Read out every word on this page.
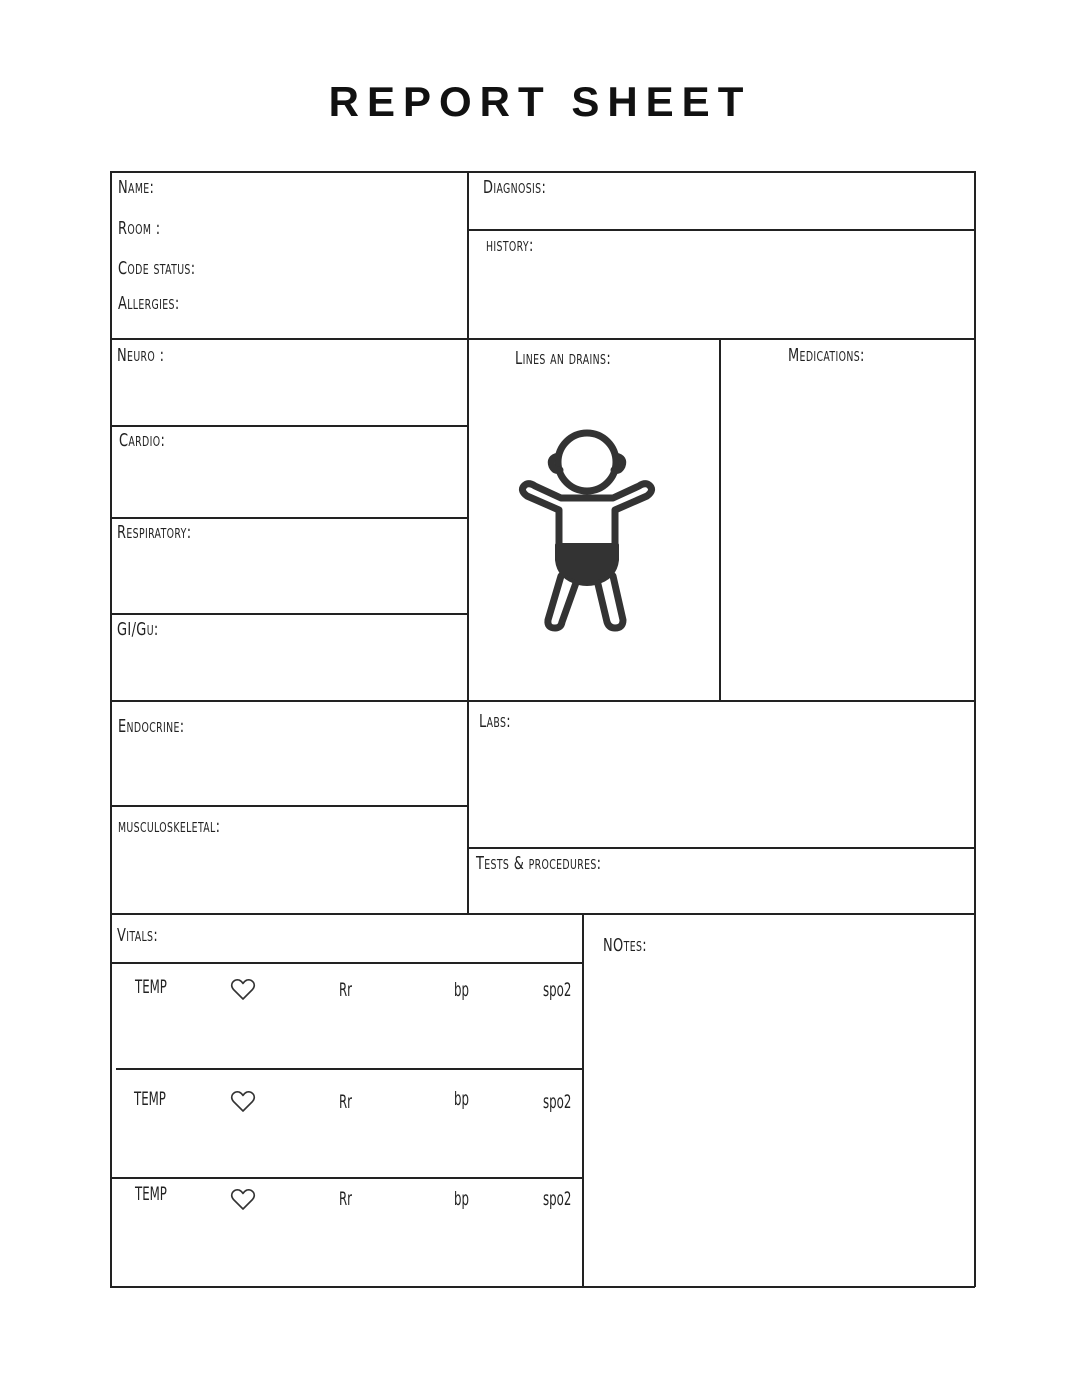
REPORT SHEET
Name:
Room :
Code status:
Allergies:
Diagnosis:
history:
Neuro :
Cardio:
Respiratory:
GI/Gu:
Endocrine:
musculoskeletal:
Lines an drains:	Medications:
Labs:
Tests & procedures:
Vitals:	NOtes:
TEMP	Rr	bp	spo2
TEMP	Rr	bp	spo2
TEMP	Rr	bp	spo2
